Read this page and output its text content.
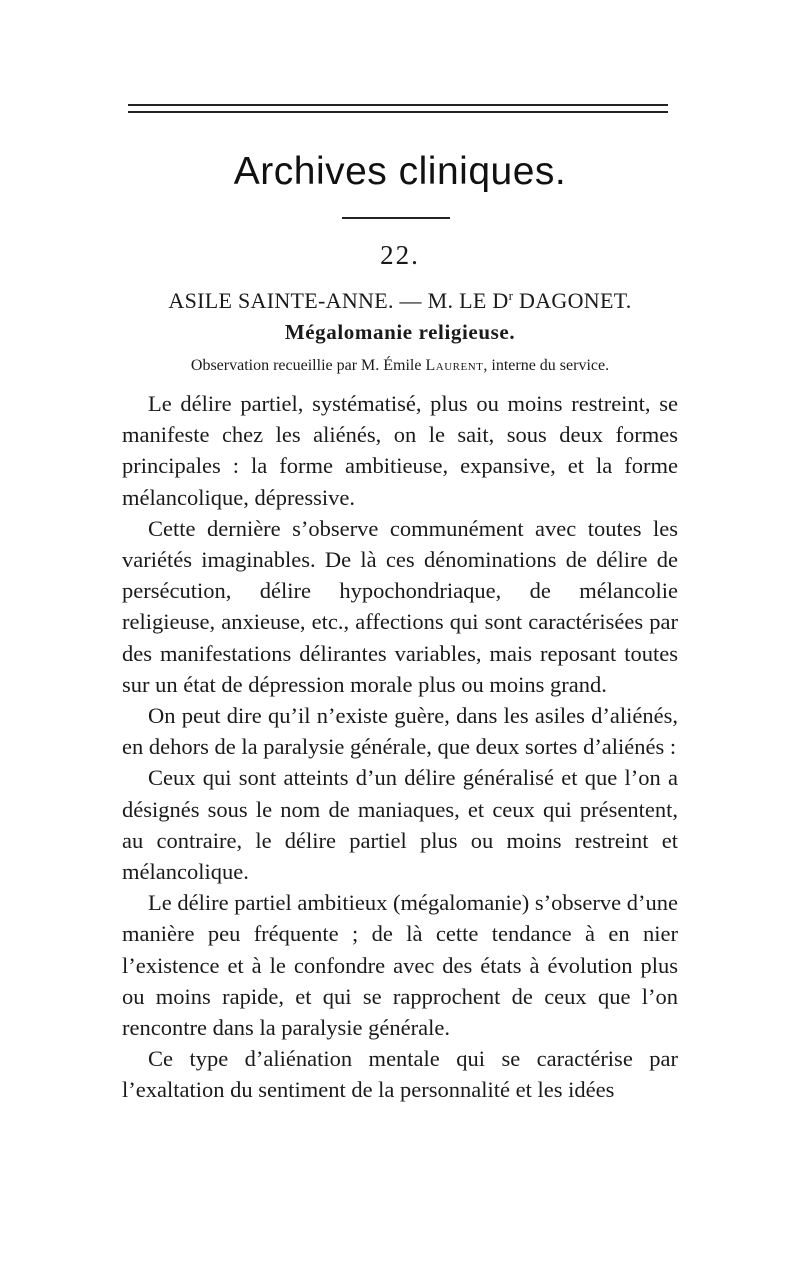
Archives cliniques.
22.
ASILE SAINTE-ANNE. — M. LE $D^r$ DAGONET.
Mégalomanie religieuse.
Observation recueillie par M. Émile Laurent, interne du service.

Le délire partiel, systématisé, plus ou moins restreint, se manifeste chez les aliénés, on le sait, sous deux formes principales : la forme ambitieuse, expansive, et la forme mélancolique, dépressive.

Cette dernière s’observe communément avec toutes les variétés imaginables. De là ces dénominations de délire de persécution, délire hypochondriaque, de mélancolie religieuse, anxieuse, etc., affections qui sont caractérisées par des manifestations délirantes variables, mais reposant toutes sur un état de dépression morale plus ou moins grand.

On peut dire qu’il n’existe guère, dans les asiles d’aliénés, en dehors de la paralysie générale, que deux sortes d’aliénés :

Ceux qui sont atteints d’un délire généralisé et que l’on a désignés sous le nom de maniaques, et ceux qui présentent, au contraire, le délire partiel plus ou moins restreint et mélancolique.

Le délire partiel ambitieux (mégalomanie) s’observe d’une manière peu fréquente ; de là cette tendance à en nier l’existence et à le confondre avec des états à évolution plus ou moins rapide, et qui se rapprochent de ceux que l’on rencontre dans la paralysie générale.

Ce type d’aliénation mentale qui se caractérise par l’exaltation du sentiment de la personnalité et les idées
